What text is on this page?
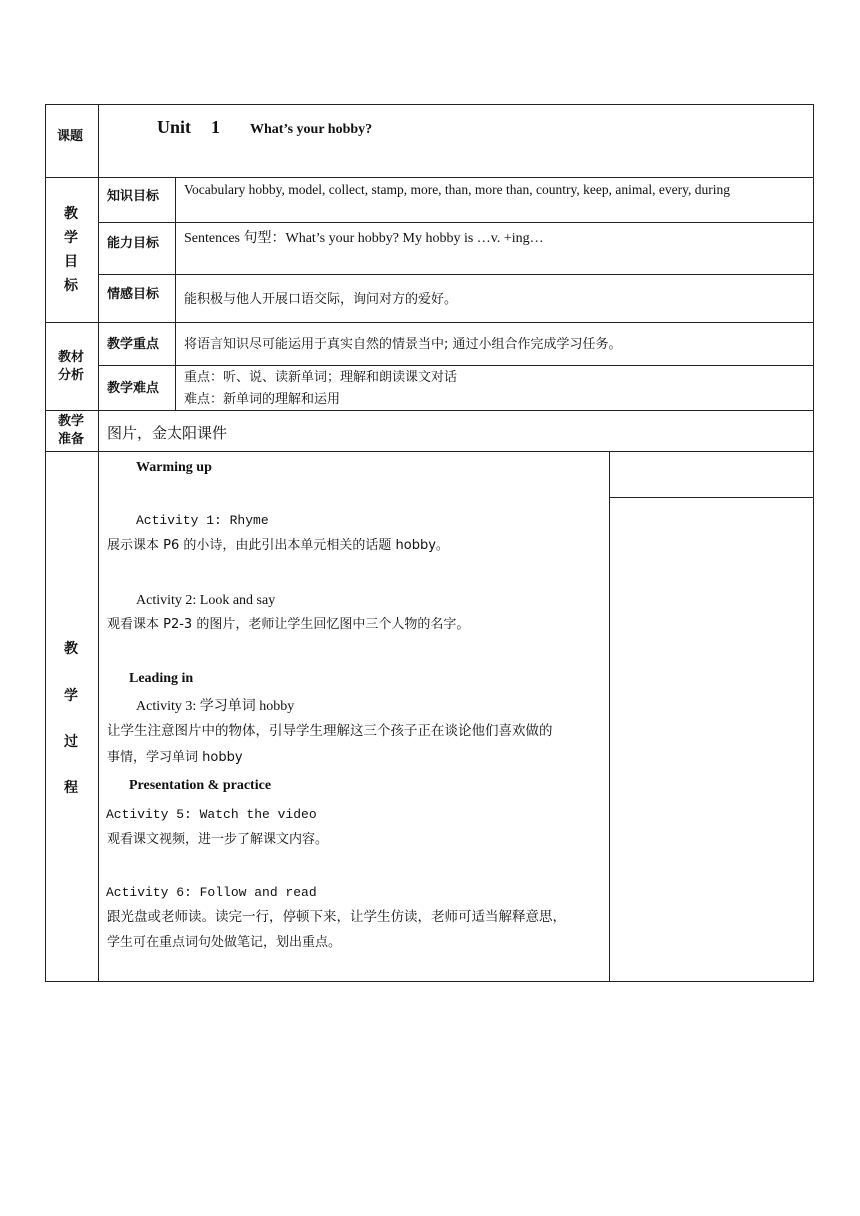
课题	Unit 1 What’s your hobby?
教
学
目
标
知识目标 Vocabulary hobby, model, collect, stamp, more, than, more than, country, keep, animal, every, during
能力目标 Sentences 句型：What’s your hobby? My hobby is …v. +ing…
情感目标 能积极与他人开展口语交际，询问对方的爱好。
教材
分析
教学重点 将语言知识尽可能运用于真实自然的情景当中; 通过小组合作完成学习任务。
教学难点
重点：听、说、读新单词；理解和朗读课文对话
难点：新单词的理解和运用
教学
准备 图片，金太阳课件
教
学
过
程
Warming up
Activity 1: Rhyme
展示课本 P6 的小诗，由此引出本单元相关的话题 hobby。
Activity 2: Look and say
观看课本 P2-3 的图片，老师让学生回忆图中三个人物的名字。
Leading in
Activity 3: 学习单词 hobby
让学生注意图片中的物体，引导学生理解这三个孩子正在谈论他们喜欢做的
事情，学习单词 hobby
Presentation & practice
Activity 5: Watch the video
观看课文视频，进一步了解课文内容。
Activity 6: Follow and read
跟光盘或老师读。读完一行，停顿下来，让学生仿读，老师可适当解释意思，
学生可在重点词句处做笔记，划出重点。
